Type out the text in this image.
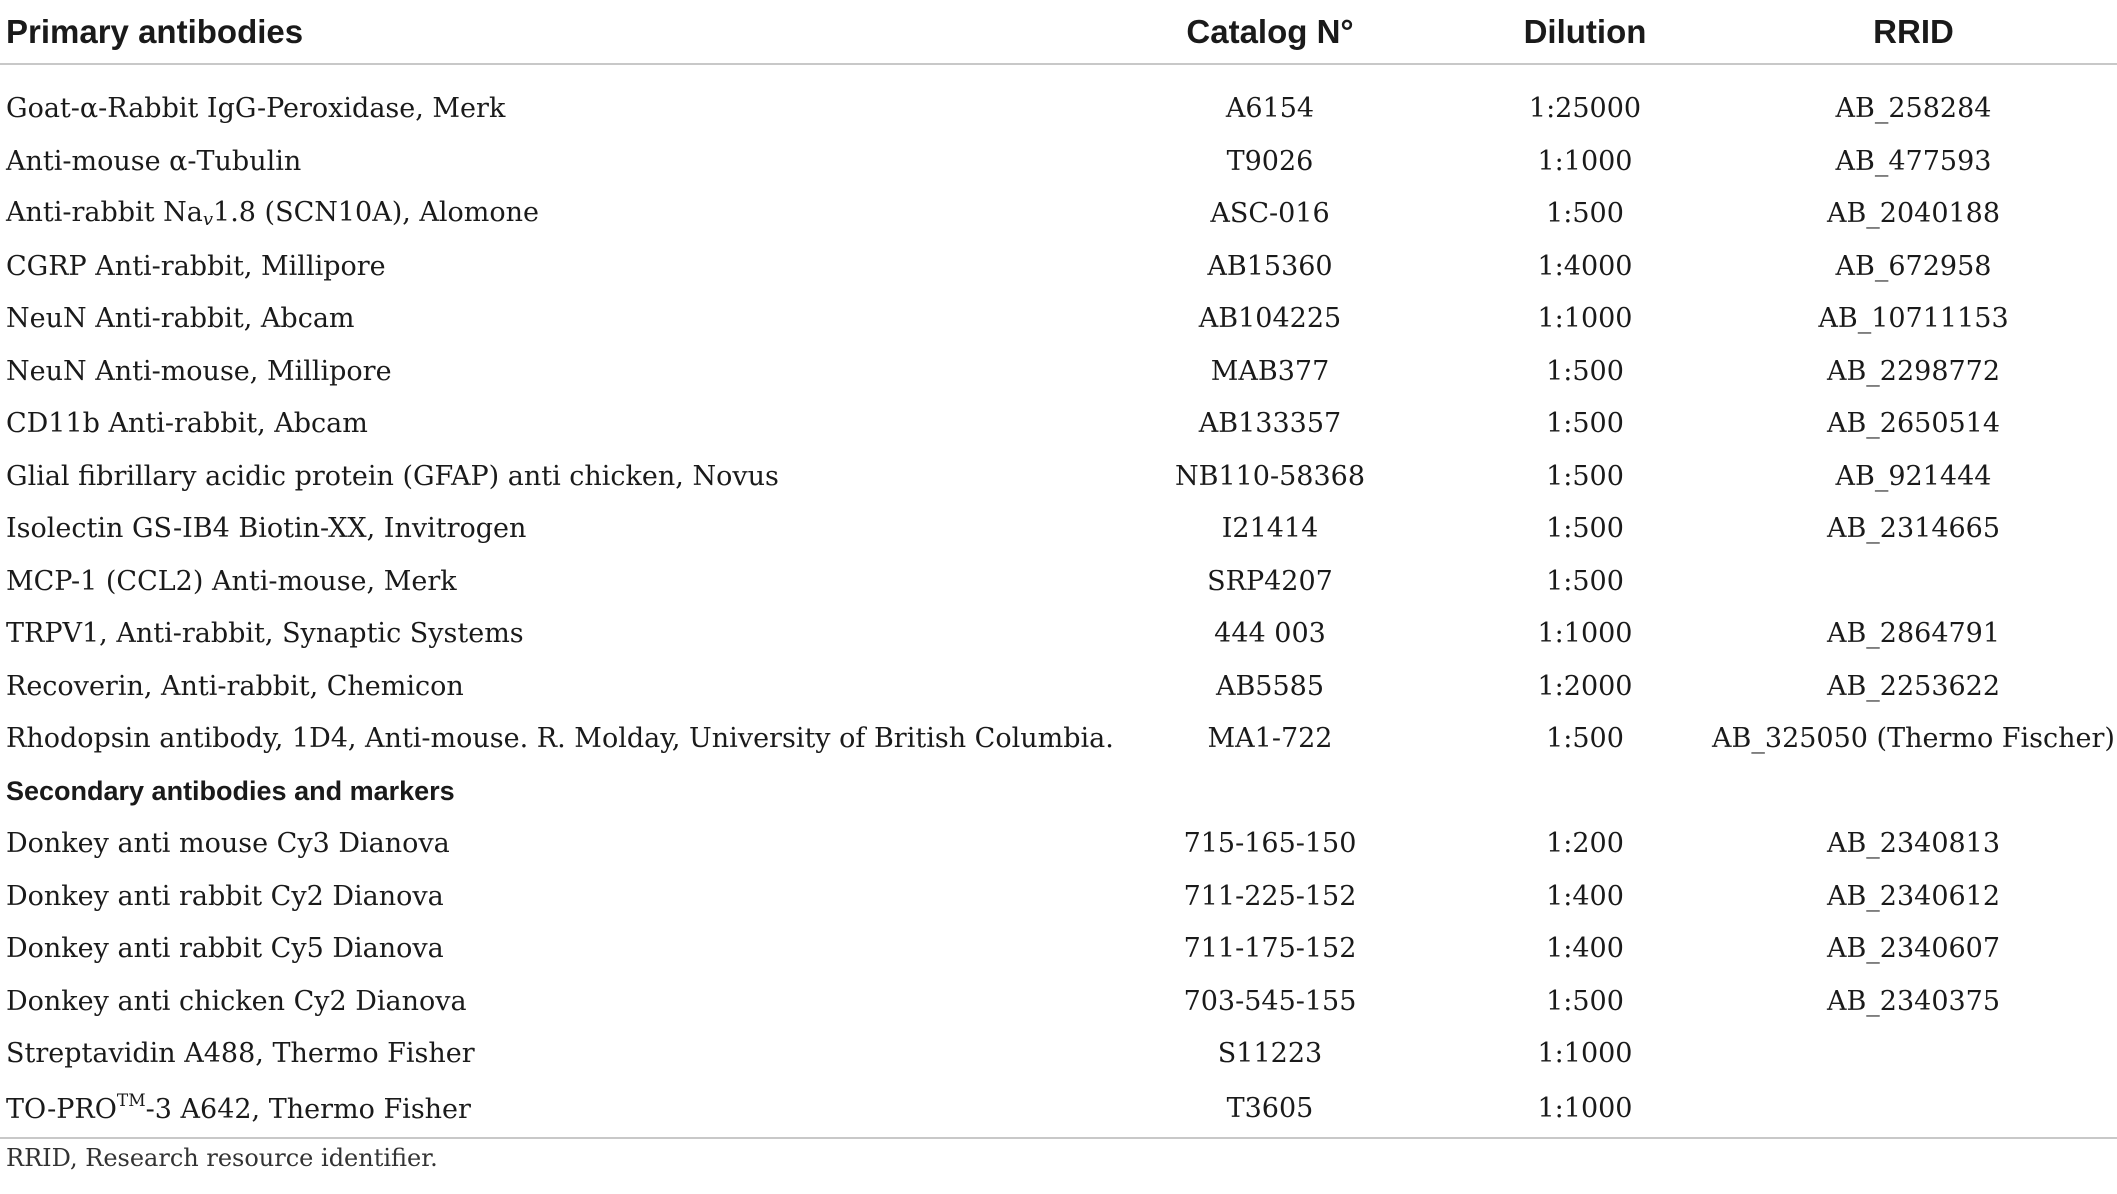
Primary antibodies	Catalog N°	Dilution	RRID

Goat-α-Rabbit IgG-Peroxidase, Merk	A6154	1:25000	AB_258284
Anti-mouse α-Tubulin	T9026	1:1000	AB_477593
Anti-rabbit $Na_v1.8$ (SCN10A), Alomone	ASC-016	1:500	AB_2040188
CGRP Anti-rabbit, Millipore	AB15360	1:4000	AB_672958
NeuN Anti-rabbit, Abcam	AB104225	1:1000	AB_10711153
NeuN Anti-mouse, Millipore	MAB377	1:500	AB_2298772
CD11b Anti-rabbit, Abcam	AB133357	1:500	AB_2650514
Glial fibrillary acidic protein (GFAP) anti chicken, Novus	NB110-58368	1:500	AB_921444
Isolectin GS-IB4 Biotin-XX, Invitrogen	I21414	1:500	AB_2314665
MCP-1 (CCL2) Anti-mouse, Merk	SRP4207	1:500	
TRPV1, Anti-rabbit, Synaptic Systems	444 003	1:1000	AB_2864791
Recoverin, Anti-rabbit, Chemicon	AB5585	1:2000	AB_2253622
Rhodopsin antibody, 1D4, Anti-mouse. R. Molday, University of British Columbia.	MA1-722	1:500	AB_325050 (Thermo Fischer)
Secondary antibodies and markers			
Donkey anti mouse Cy3 Dianova	715-165-150	1:200	AB_2340813
Donkey anti rabbit Cy2 Dianova	711-225-152	1:400	AB_2340612
Donkey anti rabbit Cy5 Dianova	711-175-152	1:400	AB_2340607
Donkey anti chicken Cy2 Dianova	703-545-155	1:500	AB_2340375
Streptavidin A488, Thermo Fisher	S11223	1:1000	
TO-PRO™-3 A642, Thermo Fisher	T3605	1:1000	
RRID, Research resource identifier.
